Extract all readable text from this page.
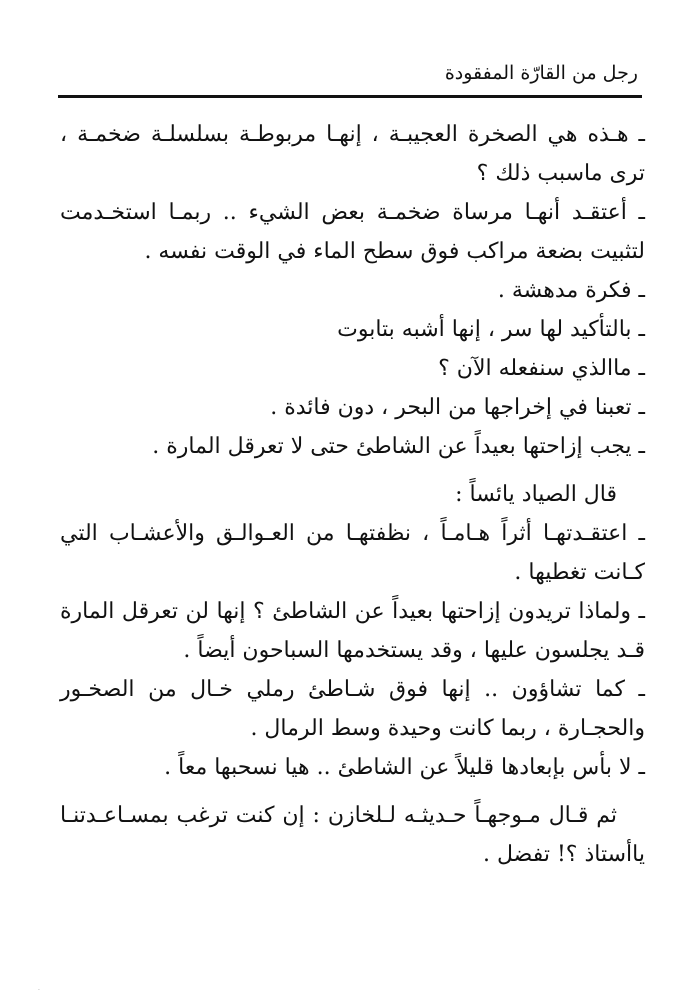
رجل من القارّة المفقودة

ـ هـذه هي الصخرة العجيبـة ، إنهـا مربوطـة بسلسلـة ضخمـة ، ترى ماسبب ذلك ؟

ـ أعتقـد أنهـا مرساة ضخمـة بعض الشيء .. ربمـا استخـدمت لتثبيت بضعة مراكب فوق سطح الماء في الوقت نفسه .

ـ فكرة مدهشة .

ـ بالتأكيد لها سر ، إنها أشبه بتابوت

ـ ماالذي سنفعله الآن ؟

ـ تعبنا في إخراجها من البحر ، دون فائدة .

ـ يجب إزاحتها بعيداً عن الشاطئ حتى لا تعرقل المارة .

قال الصياد يائساً :

ـ اعتقـدتهـا أثراً هـامـاً ، نظفتهـا من العـوالـق والأعشـاب التي كـانت تغطيها .

ـ ولماذا تريدون إزاحتها بعيداً عن الشاطئ ؟ إنها لن تعرقل المارة قـد يجلسون عليها ، وقد يستخدمها السباحون أيضاً .

ـ كما تشاؤون .. إنها فوق شـاطئ رملي خـال من الصخـور والحجـارة ، ربما كانت وحيدة وسط الرمال .

ـ لا بأس بإبعادها قليلاً عن الشاطئ .. هيا نسحبها معاً .

ثم قـال مـوجهـاً حـديثـه لـلخازن : إن كنت ترغب بمسـاعـدتنـا ياأستاذ ؟! تفضل .

·
